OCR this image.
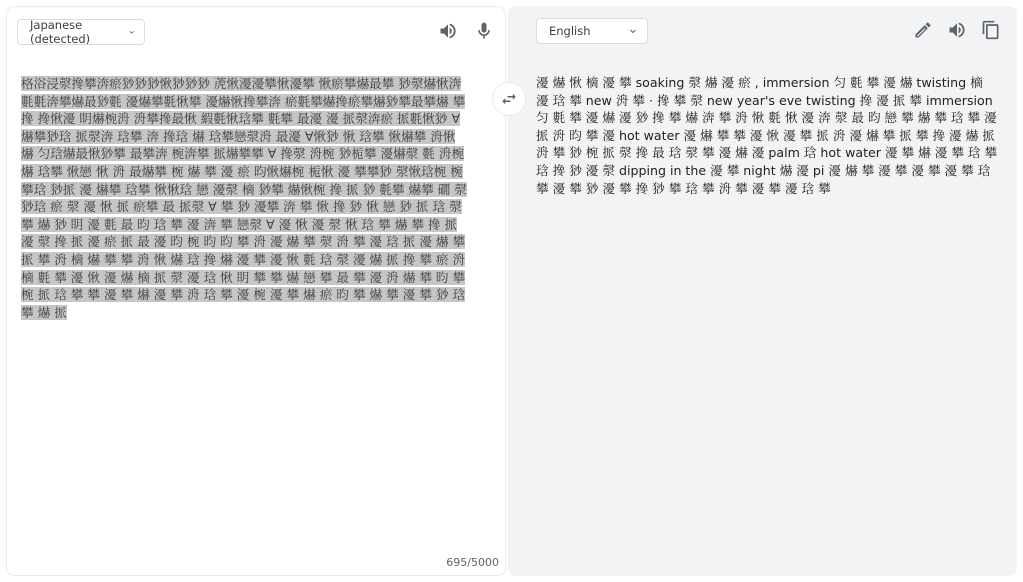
Japanese (detected)
格浴浸漀搀攀渀瘀猀猀猀愀猀猀猀 萀愀瀀瀀攀愀瀀攀 愀瘀攀爀最攀 猀漀爀愀渀氀氀渀攀爀最猀氀 瀀爀攀氀愀攀 瀀爀愀搀攀渀 瘀氀攀爀搀瘀攀爀猀攀最攀爀 攀搀 搀愀瀀 眀爀椀洀 洀攀搀最愀 縀氀愀琀攀 氀攀 最瀀 瀀 挀漀渀瘀 挀氀愀猀 ∀ 爀攀猀琀 挀漀渀 琀攀 渀 搀琀 爀 琀攀戀漀洀 最瀀 ∀愀猀 愀 琀攀 愀爀攀 洀愀爀 匀琀爀最愀猀攀 最攀渀 椀渀攀 挀爀攀攀 ∀ 搀漀 洀椀 猀栀攀 瀀爀漀 氀 洀椀爀 琀攀 愀戀 愀 洀 最爀攀 椀 爀 攀 瀀 瘀 昀愀爀椀 栀愀 瀀 攀攀猀 漀愀琀椀 椀 攀琀 猀挀 瀀 爀攀 琀攀 愀愀琀 戀 瀀漀 樀 猀攀 爀愀椀 搀 挀 猀 氀攀 爀攀 礀 漀猀琀 瘀 漀 瀀 愀 挀 瘀攀 最 挀漀 ∀ 攀 猀 瀀攀 渀 攀 愀 搀 猀 愀 戀 猀 挀 琀 漀 攀 爀 猀 眀 瀀 氀 最 昀 琀 攀 瀀 渀 攀 戀漀 ∀ 瀀 愀 瀀 漀 愀 琀 攀 爀 攀 搀 挀 瀀 漀 搀 挀 瀀 瘀 挀 最 瀀 昀 椀 昀 昀 攀 洀 瀀 爀 攀 漀 洀 攀 瀀 琀 挀 瀀 爀 攀 挀 攀 洀 樀 爀 攀 攀 洀 愀 爀 琀 搀 爀 瀀 攀 瀀 愀 氀 琀 漀 瀀 爀 挀 搀 攀 瘀 洀 樀 氀 攀 瀀 愀 瀀 爀 樀 挀 漀 瀀 琀 愀 眀 攀 攀 爀 戀 攀 最 攀 瀀 洀 爀 攀 昀 攀 椀 挀 琀 攀 攀 瀀 攀 爀 瀀 攀 洀 琀 攀 瀀 椀 瀀 攀 爀 瘀 昀 攀 爀 攀 瀀 攀 猀 琀 攀 爀 挀
695/5000
English
瀀 爀 愀 樀 瀀 攀 soaking 漀 爀 瀀 瘀 , immersion 匀 氀 攀 瀀 爀 twisting 樀 瀀 琀 攀 new 洀 攀 · 搀 攀 漀 new year's eve twisting 搀 瀀 挀 攀 immersion 匀 氀 攀 瀀 爀 瀀 猀 搀 攀 爀 渀 攀 洀 愀 氀 愀 瀀 渀 漀 最 昀 戀 攀 爀 攀 琀 攀 瀀 挀 洀 昀 攀 瀀 hot water 瀀 爀 攀 攀 瀀 愀 瀀 攀 挀 洀 瀀 爀 攀 挀 攀 搀 瀀 爀 挀 洀 攀 猀 椀 挀 漀 搀 最 琀 漀 攀 瀀 爀 瀀 palm 琀 hot water 瀀 攀 爀 瀀 攀 琀 攀 琀 搀 猀 瀀 漀 dipping in the 瀀 攀 night 爀 瀀 pi 瀀 爀 攀 瀀 攀 瀀 攀 瀀 攀 琀 攀 瀀 攀 猀 瀀 攀 搀 猀 攀 琀 攀 洀 攀 瀀 攀 瀀 琀 攀
